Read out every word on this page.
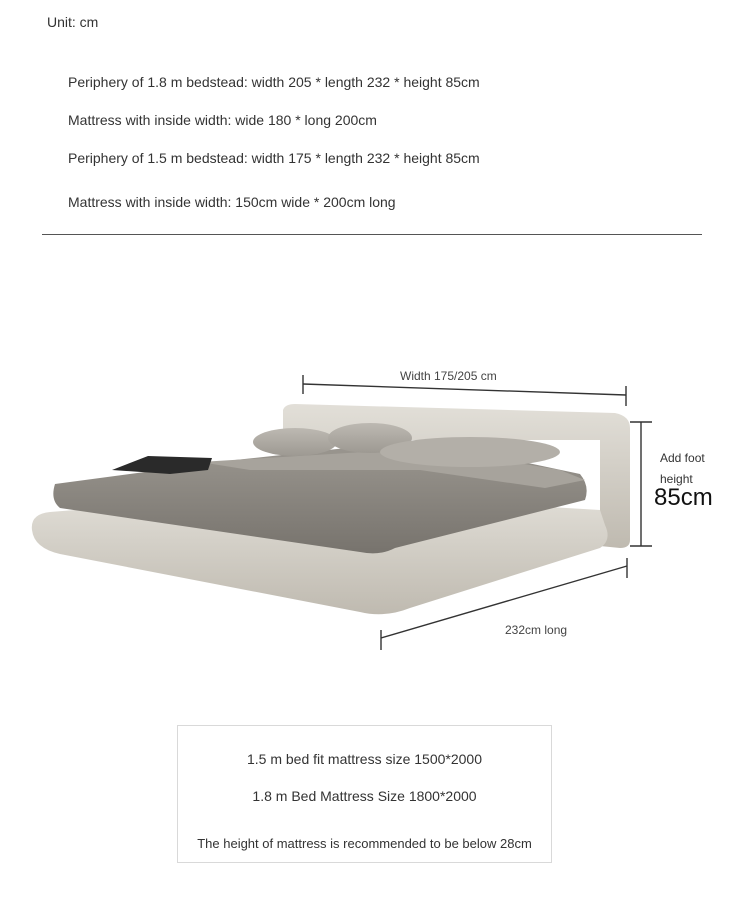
Unit: cm
Periphery of 1.8 m bedstead: width 205 * length 232 * height 85cm
Mattress with inside width: wide 180 * long 200cm
Periphery of 1.5 m bedstead: width 175 * length 232 * height 85cm
Mattress with inside width: 150cm wide * 200cm long
Width 175/205 cm
Add foot
height
85cm
232cm long
1.5 m bed fit mattress size 1500*2000
1.8 m Bed Mattress Size 1800*2000
The height of mattress is recommended to be below 28cm
